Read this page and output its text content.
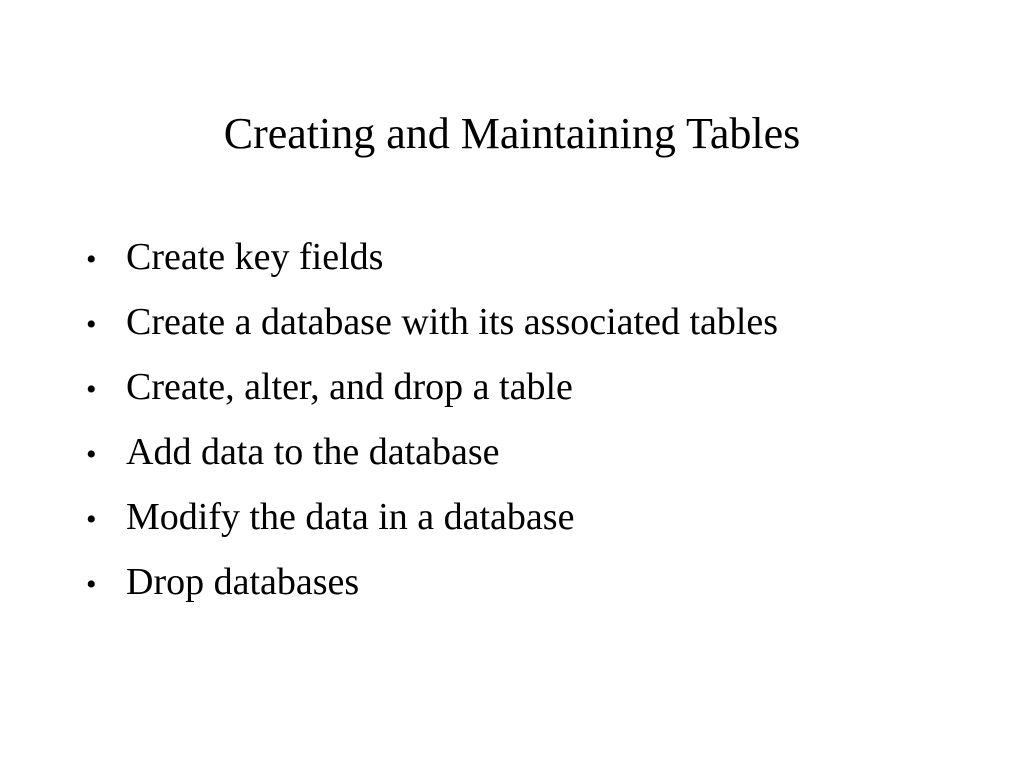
Creating and Maintaining Tables
• Create key fields
• Create a database with its associated tables
• Create, alter, and drop a table
• Add data to the database
• Modify the data in a database
• Drop databases
